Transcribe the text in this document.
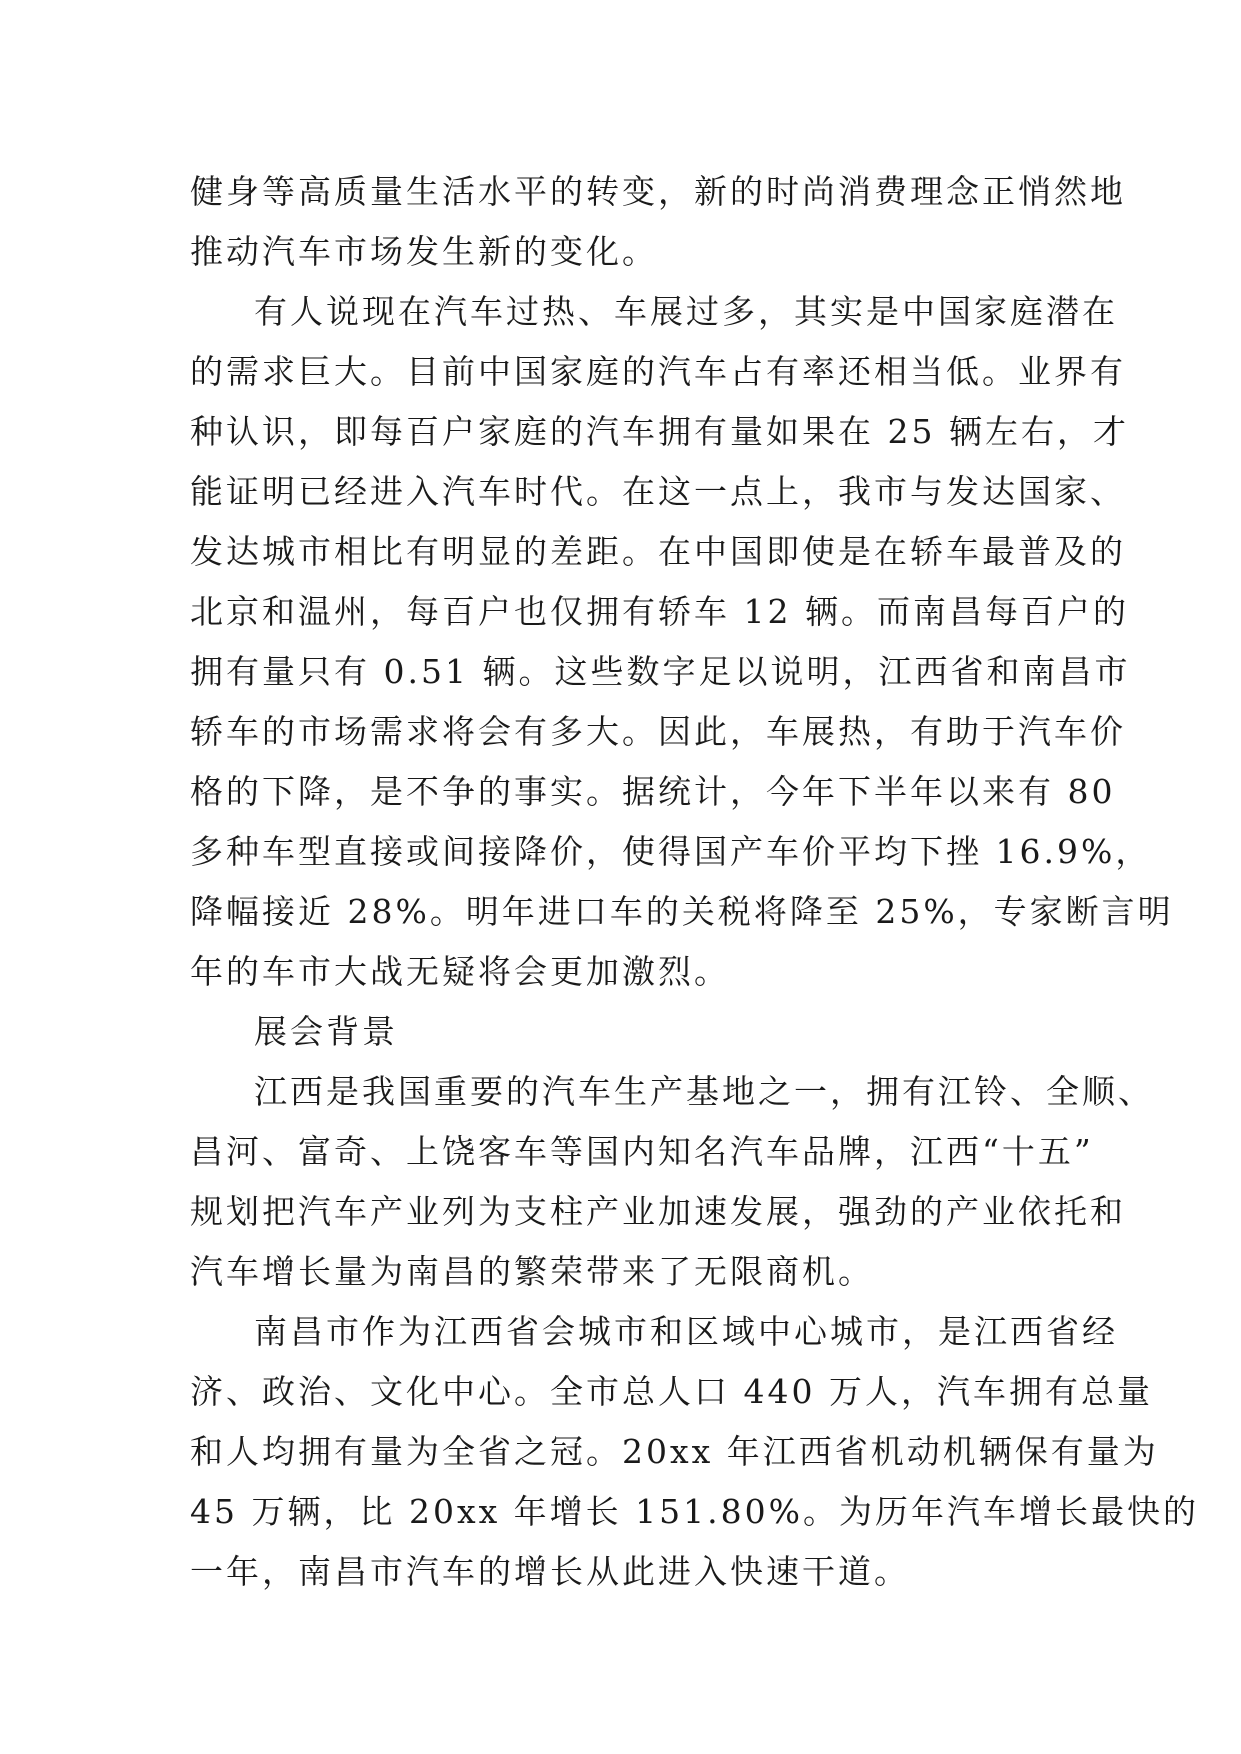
健身等高质量生活水平的转变，新的时尚消费理念正悄然地
推动汽车市场发生新的变化。
有人说现在汽车过热、车展过多，其实是中国家庭潜在
的需求巨大。目前中国家庭的汽车占有率还相当低。业界有
种认识，即每百户家庭的汽车拥有量如果在 25 辆左右，才
能证明已经进入汽车时代。在这一点上，我市与发达国家、
发达城市相比有明显的差距。在中国即使是在轿车最普及的
北京和温州，每百户也仅拥有轿车 12 辆。而南昌每百户的
拥有量只有 0.51 辆。这些数字足以说明，江西省和南昌市
轿车的市场需求将会有多大。因此，车展热，有助于汽车价
格的下降，是不争的事实。据统计，今年下半年以来有 80
多种车型直接或间接降价，使得国产车价平均下挫 16.9%，
降幅接近 28%。明年进口车的关税将降至 25%，专家断言明
年的车市大战无疑将会更加激烈。
展会背景
江西是我国重要的汽车生产基地之一，拥有江铃、全顺、
昌河、富奇、上饶客车等国内知名汽车品牌，江西“十五”
规划把汽车产业列为支柱产业加速发展，强劲的产业依托和
汽车增长量为南昌的繁荣带来了无限商机。
南昌市作为江西省会城市和区域中心城市，是江西省经
济、政治、文化中心。全市总人口 440 万人，汽车拥有总量
和人均拥有量为全省之冠。20xx 年江西省机动机辆保有量为
45 万辆，比 20xx 年增长 151.80%。为历年汽车增长最快的
一年，南昌市汽车的增长从此进入快速干道。
